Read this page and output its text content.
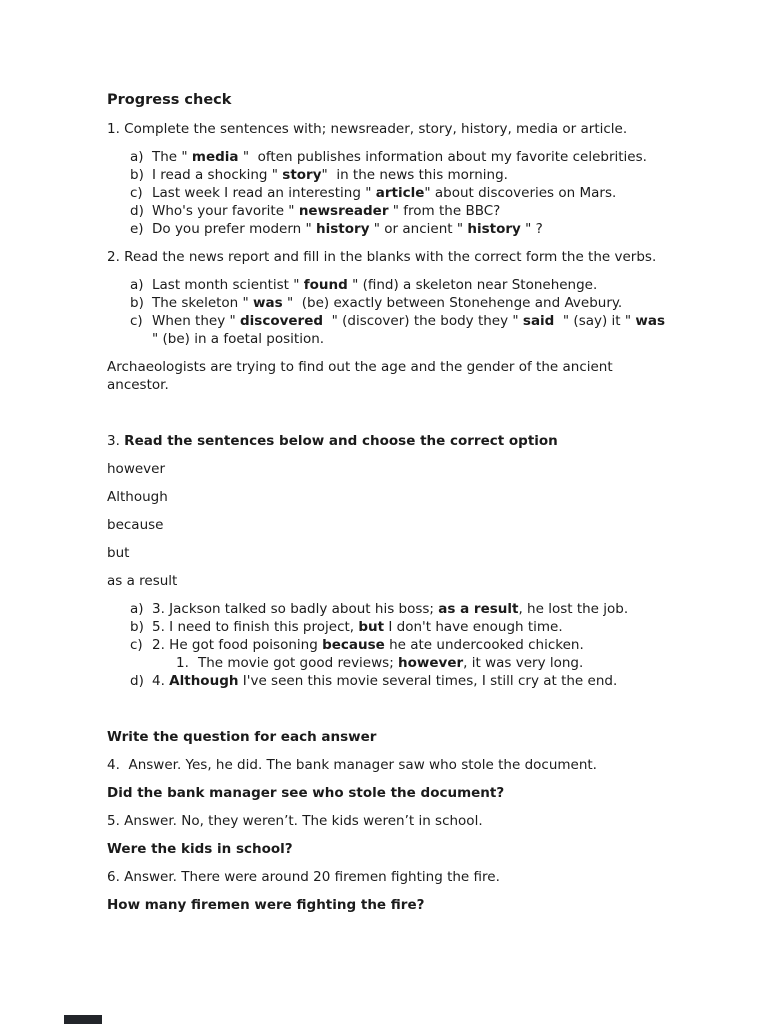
Progress check
1. Complete the sentences with; newsreader, story, history, media or article.
a) The " media "  often publishes information about my favorite celebrities.
b) I read a shocking " story"  in the news this morning.
c) Last week I read an interesting " article" about discoveries on Mars.
d) Who's your favorite " newsreader " from the BBC?
e) Do you prefer modern " history " or ancient " history " ?
2. Read the news report and fill in the blanks with the correct form the the verbs.
a) Last month scientist " found " (find) a skeleton near Stonehenge.
b) The skeleton " was "  (be) exactly between Stonehenge and Avebury.
c) When they " discovered  " (discover) the body they " said  " (say) it " was  " (be) in a foetal position.
Archaeologists are trying to find out the age and the gender of the ancient ancestor.
3. Read the sentences below and choose the correct option
however
Although
because
but
as a result
a) 3. Jackson talked so badly about his boss; as a result, he lost the job.
b) 5. I need to finish this project, but I don't have enough time.
c) 2. He got food poisoning because he ate undercooked chicken.
1. The movie got good reviews; however, it was very long.
d) 4. Although I've seen this movie several times, I still cry at the end.
Write the question for each answer
4.  Answer. Yes, he did. The bank manager saw who stole the document.
Did the bank manager see who stole the document?
5. Answer. No, they weren’t. The kids weren’t in school.
Were the kids in school?
6. Answer. There were around 20 firemen fighting the fire.
How many firemen were fighting the fire?
